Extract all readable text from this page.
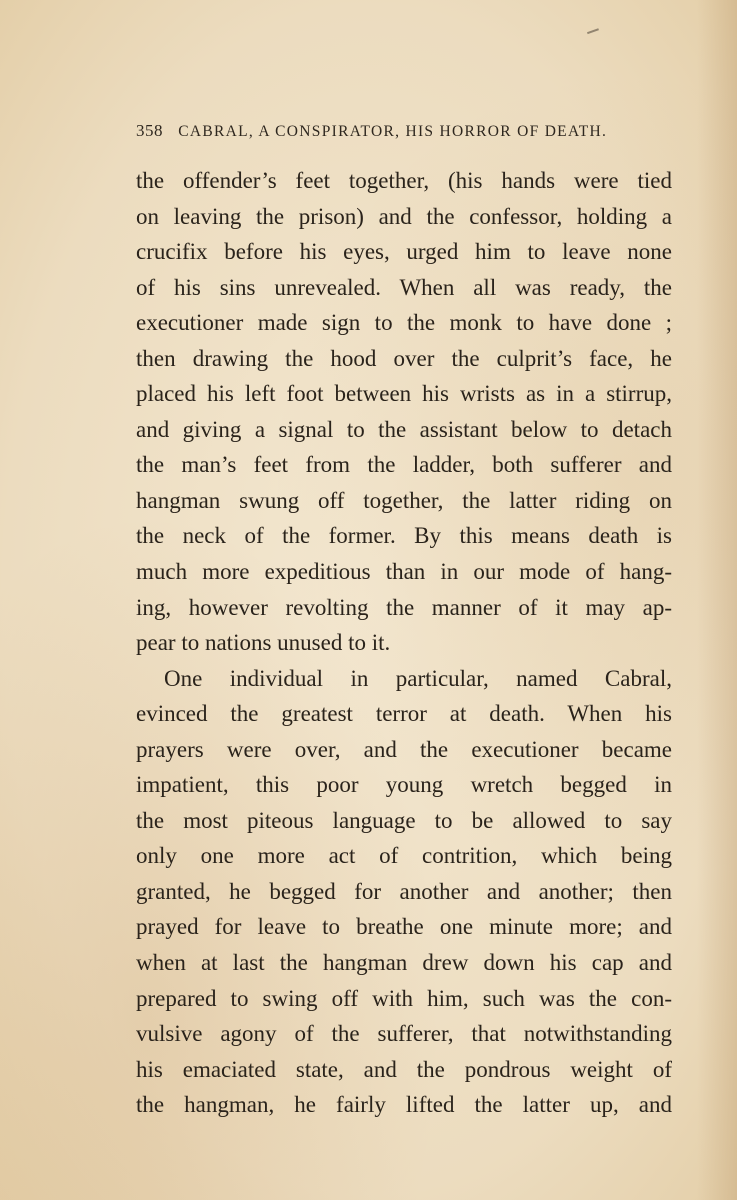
358 CABRAL, A CONSPIRATOR, HIS HORROR OF DEATH.
the offender’s feet together, (his hands were tied
on leaving the prison) and the confessor, holding a
crucifix before his eyes, urged him to leave none
of his sins unrevealed. When all was ready, the
executioner made sign to the monk to have done ;
then drawing the hood over the culprit’s face, he
placed his left foot between his wrists as in a stirrup,
and giving a signal to the assistant below to detach
the man’s feet from the ladder, both sufferer and
hangman swung off together, the latter riding on
the neck of the former. By this means death is
much more expeditious than in our mode of hang-
ing, however revolting the manner of it may ap-
pear to nations unused to it.
One individual in particular, named Cabral,
evinced the greatest terror at death. When his
prayers were over, and the executioner became
impatient, this poor young wretch begged in
the most piteous language to be allowed to say
only one more act of contrition, which being
granted, he begged for another and another; then
prayed for leave to breathe one minute more; and
when at last the hangman drew down his cap and
prepared to swing off with him, such was the con-
vulsive agony of the sufferer, that notwithstanding
his emaciated state, and the pondrous weight of
the hangman, he fairly lifted the latter up, and
